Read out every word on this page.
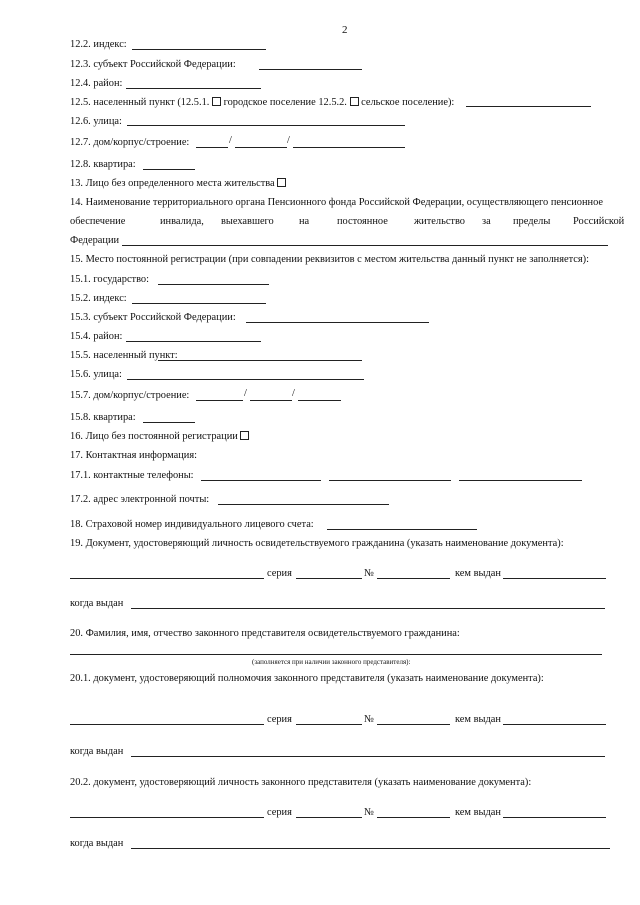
2
12.2. индекс:
12.3. субъект Российской Федерации:
12.4. район:
12.5. населенный пункт (12.5.1. городское поселение 12.5.2. сельское поселение):
12.6. улица:
12.7. дом/корпус/строение:	/	/
12.8. квартира:
13. Лицо без определенного места жительства
14. Наименование территориального органа Пенсионного фонда Российской Федерации, осуществляющего пенсионное
обеспечение	инвалида, выехавшего на	постоянное	жительство за пределы Российской
Федерации
15. Место постоянной регистрации (при совпадении реквизитов с местом жительства данный пункт не заполняется):
15.1. государство:
15.2. индекс:
15.3. субъект Российской Федерации:
15.4. район:
15.5. населенный пункт:
15.6. улица:
15.7. дом/корпус/строение:	/	/
15.8. квартира:
16. Лицо без постоянной регистрации
17. Контактная информация:
17.1. контактные телефоны:
17.2. адрес электронной почты:
18. Страховой номер индивидуального лицевого счета:
19. Документ, удостоверяющий личность освидетельствуемого гражданина (указать наименование документа):
серия	№	кем выдан
когда выдан
20. Фамилия, имя, отчество законного представителя освидетельствуемого гражданина:
(заполняется при наличии законного представителя):
20.1. документ, удостоверяющий полномочия законного представителя (указать наименование документа):
серия	№	кем выдан
когда выдан
20.2. документ, удостоверяющий личность законного представителя (указать наименование документа):
серия	№	кем выдан
когда выдан
